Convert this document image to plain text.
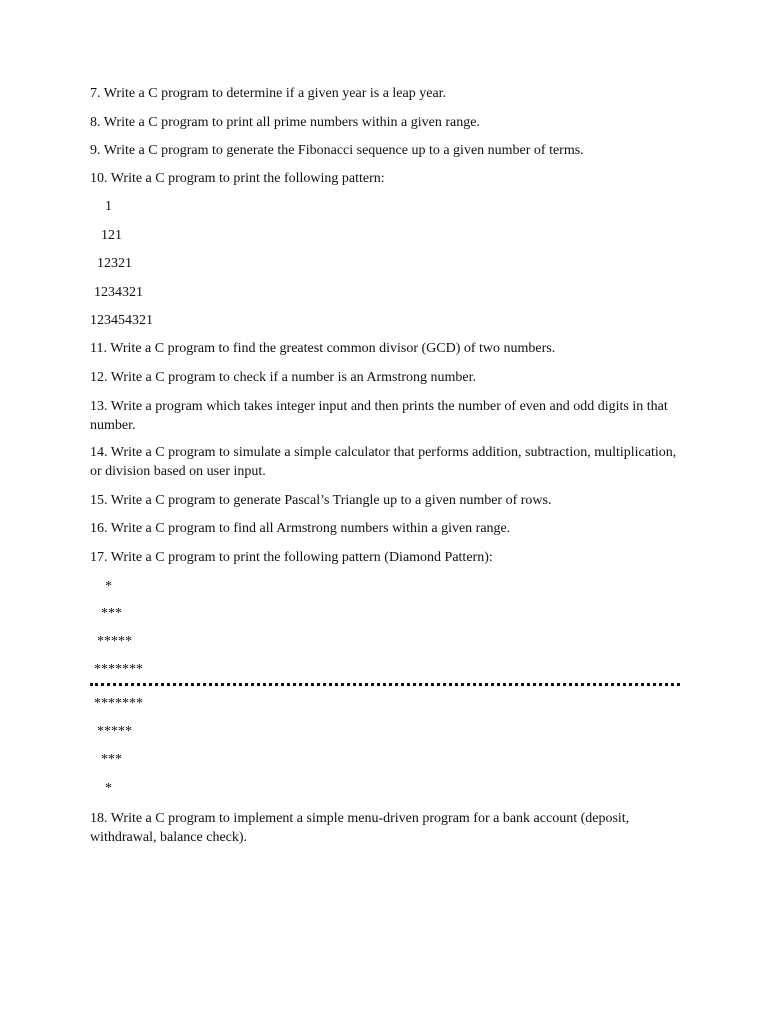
7. Write a C program to determine if a given year is a leap year.
8. Write a C program to print all prime numbers within a given range.
9. Write a C program to generate the Fibonacci sequence up to a given number of terms.
10. Write a C program to print the following pattern:
1
121
12321
1234321
123454321
11. Write a C program to find the greatest common divisor (GCD) of two numbers.
12. Write a C program to check if a number is an Armstrong number.
13. Write a program which takes integer input and then prints the number of even and odd digits in that number.
14. Write a C program to simulate a simple calculator that performs addition, subtraction, multiplication, or division based on user input.
15. Write a C program to generate Pascal’s Triangle up to a given number of rows.
16. Write a C program to find all Armstrong numbers within a given range.
17. Write a C program to print the following pattern (Diamond Pattern):
*
***
*****
*******
*******
*****
***
*
18. Write a C program to implement a simple menu-driven program for a bank account (deposit, withdrawal, balance check).
